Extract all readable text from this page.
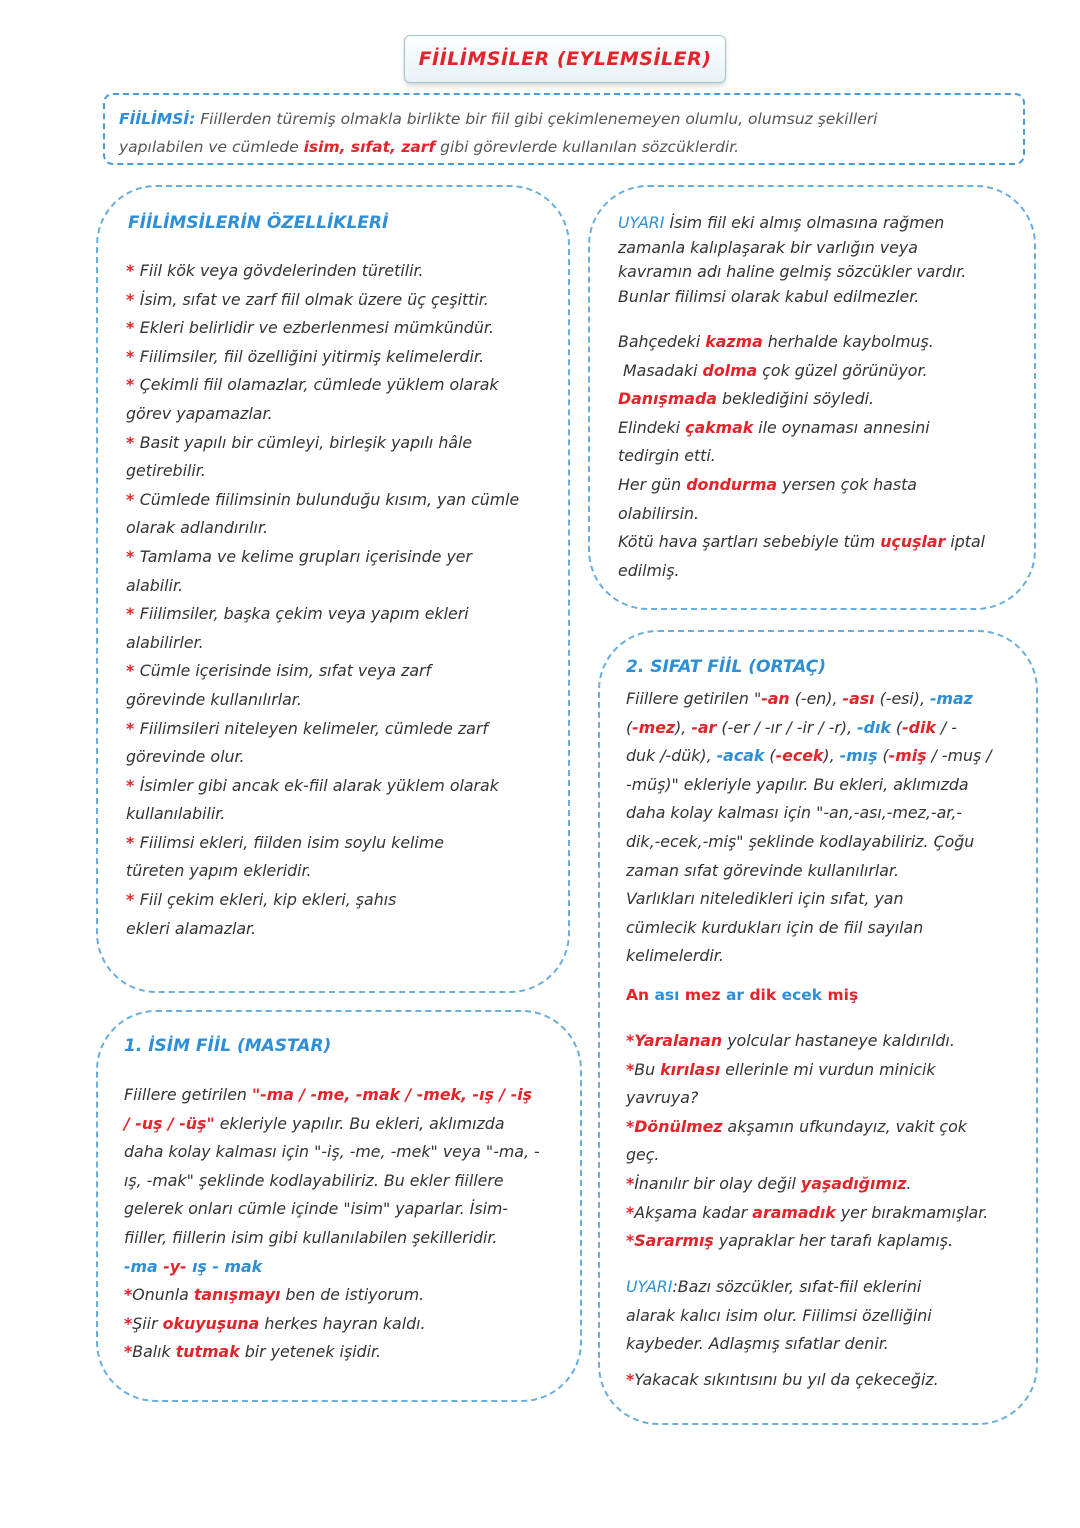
FİİLİMSİLER (EYLEMSİLER)
FİİLİMSİ: Fiillerden türemiş olmakla birlikte bir fiil gibi çekimlenemeyen olumlu, olumsuz şekilleri
yapılabilen ve cümlede isim, sıfat, zarf gibi görevlerde kullanılan sözcüklerdir.
FİİLİMSİLERİN ÖZELLİKLERİ
* Fiil kök veya gövdelerinden türetilir.
* İsim, sıfat ve zarf fiil olmak üzere üç çeşittir.
* Ekleri belirlidir ve ezberlenmesi mümkündür.
* Fiilimsiler, fiil özelliğini yitirmiş kelimelerdir.
* Çekimli fiil olamazlar, cümlede yüklem olarak
görev yapamazlar.
* Basit yapılı bir cümleyi, birleşik yapılı hâle
getirebilir.
* Cümlede fiilimsinin bulunduğu kısım, yan cümle
olarak adlandırılır.
* Tamlama ve kelime grupları içerisinde yer
alabilir.
* Fiilimsiler, başka çekim veya yapım ekleri
alabilirler.
* Cümle içerisinde isim, sıfat veya zarf
görevinde kullanılırlar.
* Fiilimsileri niteleyen kelimeler, cümlede zarf
görevinde olur.
* İsimler gibi ancak ek-fiil alarak yüklem olarak
kullanılabilir.
* Fiilimsi ekleri, fiilden isim soylu kelime
türeten yapım ekleridir.
* Fiil çekim ekleri, kip ekleri, şahıs
ekleri alamazlar.
UYARI İsim fiil eki almış olmasına rağmen
zamanla kalıplaşarak bir varlığın veya
kavramın adı haline gelmiş sözcükler vardır.
Bunlar fiilimsi olarak kabul edilmezler.
Bahçedeki kazma herhalde kaybolmuş.
Masadaki dolma çok güzel görünüyor.
Danışmada beklediğini söyledi.
Elindeki çakmak ile oynaması annesini
tedirgin etti.
Her gün dondurma yersen çok hasta
olabilirsin.
Kötü hava şartları sebebiyle tüm uçuşlar iptal
edilmiş.
1. İSİM FİİL (MASTAR)
Fiillere getirilen "-ma / -me, -mak / -mek, -ış / -iş
/ -uş / -üş" ekleriyle yapılır. Bu ekleri, aklımızda
daha kolay kalması için "-iş, -me, -mek" veya "-ma, -
ış, -mak" şeklinde kodlayabiliriz. Bu ekler fiillere
gelerek onları cümle içinde "isim" yaparlar. İsim-
fiiller, fiillerin isim gibi kullanılabilen şekilleridir.
-ma -y- ış - mak
*Onunla tanışmayı ben de istiyorum.
*Şiir okuyuşuna herkes hayran kaldı.
*Balık tutmak bir yetenek işidir.
2. SIFAT FİİL (ORTAÇ)
Fiillere getirilen "-an (-en), -ası (-esi), -maz
(-mez), -ar (-er / -ır / -ir / -r), -dık (-dik / -
duk /-dük), -acak (-ecek), -mış (-miş / -muş /
-müş)" ekleriyle yapılır. Bu ekleri, aklımızda
daha kolay kalması için "-an,-ası,-mez,-ar,-
dik,-ecek,-miş" şeklinde kodlayabiliriz. Çoğu
zaman sıfat görevinde kullanılırlar.
Varlıkları niteledikleri için sıfat, yan
cümlecik kurdukları için de fiil sayılan
kelimelerdir.
An ası mez ar dik ecek miş
*Yaralanan yolcular hastaneye kaldırıldı.
*Bu kırılası ellerinle mi vurdun minicik
yavruya?
*Dönülmez akşamın ufkundayız, vakit çok
geç.
*İnanılır bir olay değil yaşadığımız.
*Akşama kadar aramadık yer bırakmamışlar.
*Sararmış yapraklar her tarafı kaplamış.
UYARI:Bazı sözcükler, sıfat-fiil eklerini
alarak kalıcı isim olur. Fiilimsi özelliğini
kaybeder. Adlaşmış sıfatlar denir.
*Yakacak sıkıntısını bu yıl da çekeceğiz.
